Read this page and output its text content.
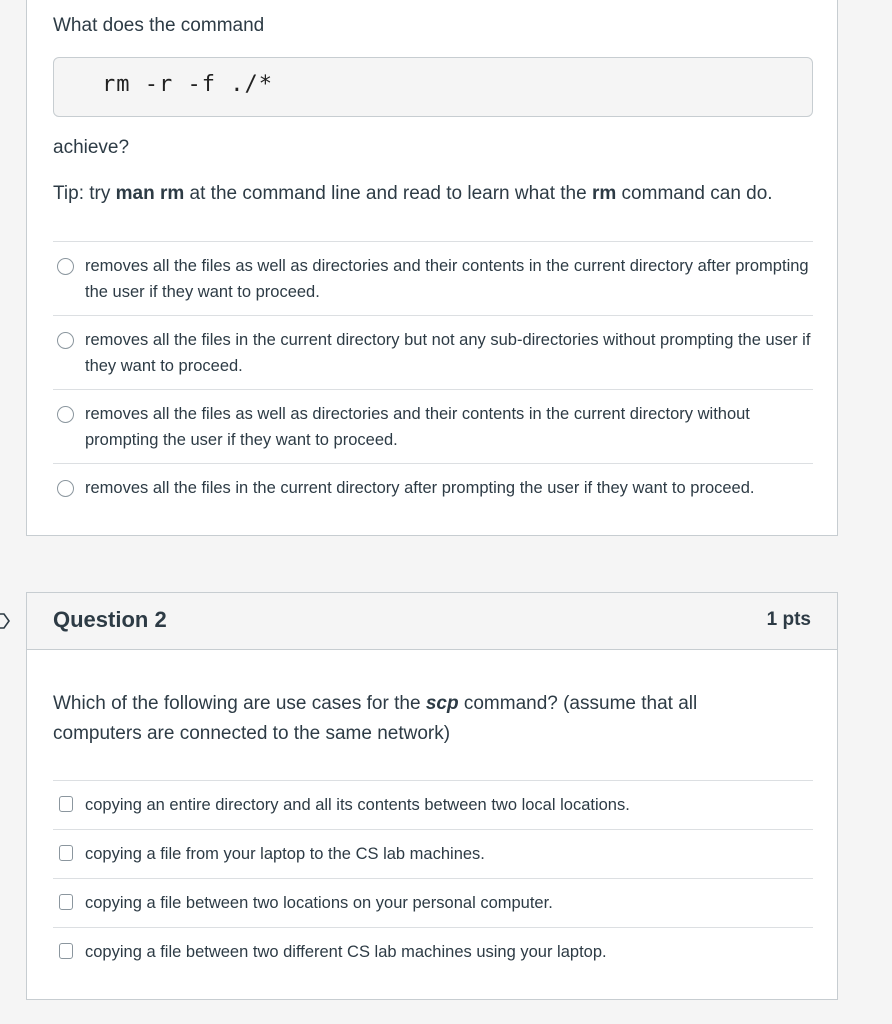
What does the command
rm -r -f ./*
achieve?
Tip: try man rm at the command line and read to learn what the rm command can do.
removes all the files as well as directories and their contents in the current directory after prompting the user if they want to proceed.
removes all the files in the current directory but not any sub-directories without prompting the user if they want to proceed.
removes all the files as well as directories and their contents in the current directory without prompting the user if they want to proceed.
removes all the files in the current directory after prompting the user if they want to proceed.
Question 2	1 pts
Which of the following are use cases for the scp command? (assume that all computers are connected to the same network)
copying an entire directory and all its contents between two local locations.
copying a file from your laptop to the CS lab machines.
copying a file between two locations on your personal computer.
copying a file between two different CS lab machines using your laptop.
